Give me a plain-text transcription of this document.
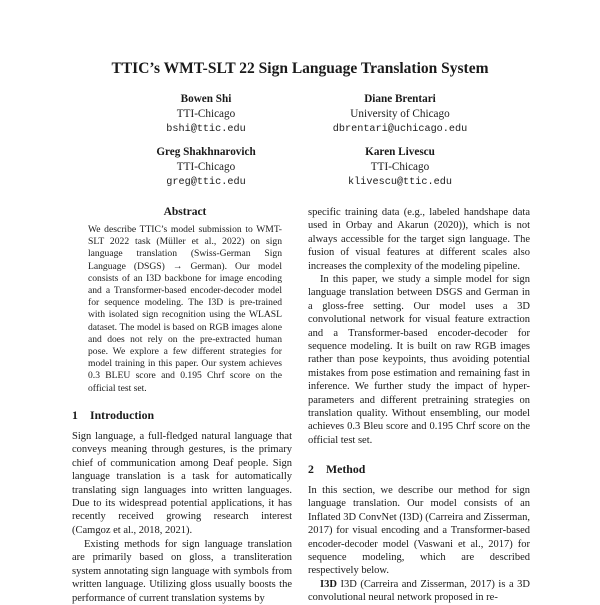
TTIC’s WMT-SLT 22 Sign Language Translation System
Bowen Shi
TTI-Chicago
bshi@ttic.edu
Diane Brentari
University of Chicago
dbrentari@uchicago.edu
Greg Shakhnarovich
TTI-Chicago
greg@ttic.edu
Karen Livescu
TTI-Chicago
klivescu@ttic.edu
Abstract

We describe TTIC’s model submission to WMT-SLT 2022 task (Müller et al., 2022) on sign language translation (Swiss-German Sign Language (DSGS) → German). Our model consists of an I3D backbone for image encoding and a Transformer-based encoder-decoder model for sequence modeling. The I3D is pre-trained with isolated sign recognition using the WLASL dataset. The model is based on RGB images alone and does not rely on the pre-extracted human pose. We explore a few different strategies for model training in this paper. Our system achieves 0.3 BLEU score and 0.195 Chrf score on the official test set.

1 Introduction

Sign language, a full-fledged natural language that conveys meaning through gestures, is the primary chief of communication among Deaf people. Sign language translation is a task for automatically translating sign languages into written languages. Due to its widespread potential applications, it has recently received growing research interest (Camgoz et al., 2018, 2021).

Existing methods for sign language translation are primarily based on gloss, a transliteration system annotating sign language with symbols from written language. Utilizing gloss usually boosts the performance of current translation systems by

specific training data (e.g., labeled handshape data used in Orbay and Akarun (2020)), which is not always accessible for the target sign language. The fusion of visual features at different scales also increases the complexity of the modeling pipeline.

In this paper, we study a simple model for sign language translation between DSGS and German in a gloss-free setting. Our model uses a 3D convolutional network for visual feature extraction and a Transformer-based encoder-decoder for sequence modeling. It is built on raw RGB images rather than pose keypoints, thus avoiding potential mistakes from pose estimation and remaining fast in inference. We further study the impact of hyper-parameters and different pretraining strategies on translation quality. Without ensembling, our model achieves 0.3 Bleu score and 0.195 Chrf score on the official test set.

2 Method

In this section, we describe our method for sign language translation. Our model consists of an Inflated 3D ConvNet (I3D) (Carreira and Zisserman, 2017) for visual encoding and a Transformer-based encoder-decoder model (Vaswani et al., 2017) for sequence modeling, which are described respectively below.

I3D I3D (Carreira and Zisserman, 2017) is a 3D convolutional neural network proposed in re-
